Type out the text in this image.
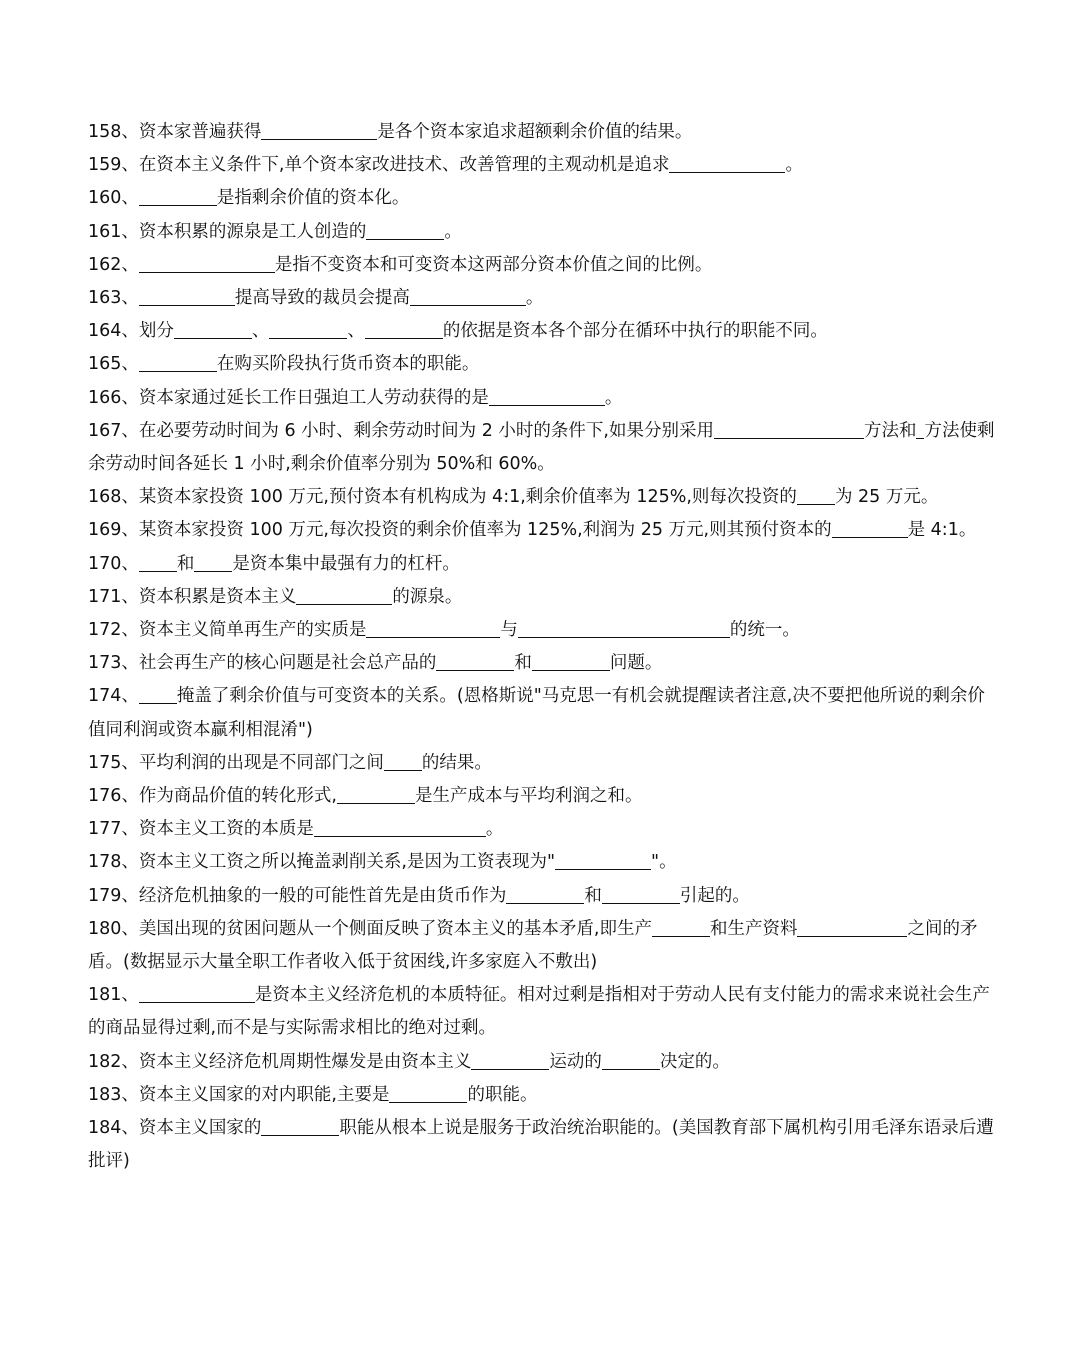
158、资本家普遍获得	是各个资本家追求超额剩余价值的结果。

159、在资本主义条件下,单个资本家改进技术、改善管理的主观动机是追求	。

160、	是指剩余价值的资本化。

161、资本积累的源泉是工人创造的	。

162、	是指不变资本和可变资本这两部分资本价值之间的比例。

163、	提高导致的裁员会提高	。

164、划分	、	、	的依据是资本各个部分在循环中执行的职能不同。

165、	在购买阶段执行货币资本的职能。

166、资本家通过延长工作日强迫工人劳动获得的是	。

167、在必要劳动时间为 6 小时、剩余劳动时间为 2 小时的条件下,如果分别采用	方法和 方法使剩余劳动时间各延长 1 小时,剩余价值率分别为 50%和 60%。

168、某资本家投资 100 万元,预付资本有机构成为 4:1,剩余价值率为 125%,则每次投资的 为 25 万元。

169、某资本家投资 100 万元,每次投资的剩余价值率为 125%,利润为 25 万元,则其预付资本的	是 4:1。

170、 和 是资本集中最强有力的杠杆。

171、资本积累是资本主义	的源泉。

172、资本主义简单再生产的实质是	与	的统一。

173、社会再生产的核心问题是社会总产品的	和	问题。

174、 掩盖了剩余价值与可变资本的关系。(恩格斯说"马克思一有机会就提醒读者注意,决不要把他所说的剩余价值同利润或资本赢利相混淆")

175、平均利润的出现是不同部门之间 的结果。

176、作为商品价值的转化形式,	是生产成本与平均利润之和。

177、资本主义工资的本质是	。

178、资本主义工资之所以掩盖剥削关系,是因为工资表现为"	"。

179、经济危机抽象的一般的可能性首先是由货币作为	和	引起的。

180、美国出现的贫困问题从一个侧面反映了资本主义的基本矛盾,即生产	和生产资料	之间的矛盾。(数据显示大量全职工作者收入低于贫困线,许多家庭入不敷出)

181、	是资本主义经济危机的本质特征。相对过剩是指相对于劳动人民有支付能力的需求来说社会生产的商品显得过剩,而不是与实际需求相比的绝对过剩。

182、资本主义经济危机周期性爆发是由资本主义	运动的	决定的。

183、资本主义国家的对内职能,主要是	的职能。

184、资本主义国家的	职能从根本上说是服务于政治统治职能的。(美国教育部下属机构引用毛泽东语录后遭批评)
